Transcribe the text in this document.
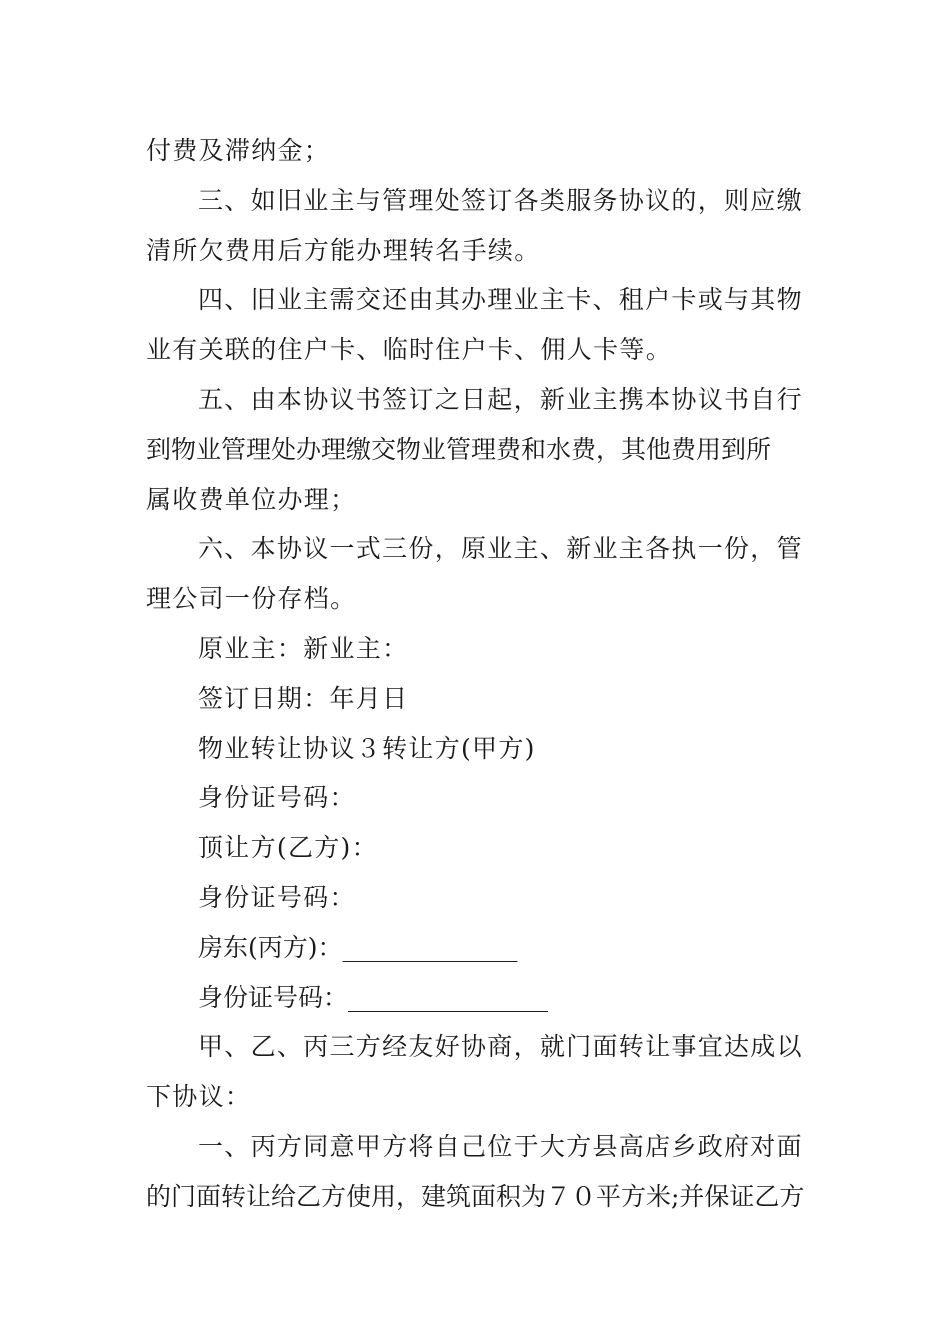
付费及滞纳金；
三、如旧业主与管理处签订各类服务协议的，则应缴
清所欠费用后方能办理转名手续。
四、旧业主需交还由其办理业主卡、租户卡或与其物
业有关联的住户卡、临时住户卡、佣人卡等。
五、由本协议书签订之日起，新业主携本协议书自行
到物业管理处办理缴交物业管理费和水费，其他费用到所
属收费单位办理；
六、本协议一式三份，原业主、新业主各执一份，管
理公司一份存档。
原业主：新业主：
签订日期：年月日
物业转让协议３转让方(甲方)
身份证号码：
顶让方(乙方)：
身份证号码：
房东(丙方)：______________
身份证号码：________________
甲、乙、丙三方经友好协商，就门面转让事宜达成以
下协议：
一、丙方同意甲方将自己位于大方县高店乡政府对面
的门面转让给乙方使用，建筑面积为７０平方米;并保证乙方
